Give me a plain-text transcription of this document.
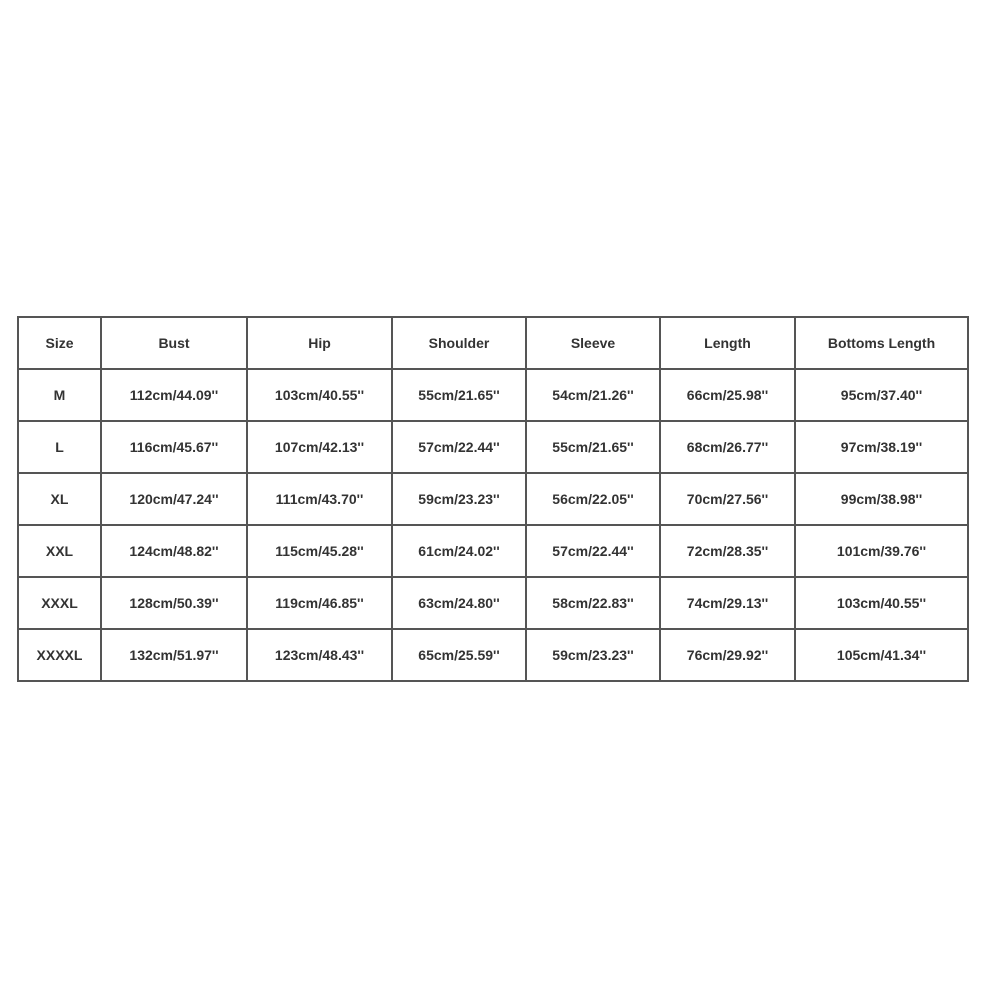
Size	Bust	Hip	Shoulder	Sleeve	Length	Bottoms Length
M	112cm/44.09''	103cm/40.55''	55cm/21.65''	54cm/21.26''	66cm/25.98''	95cm/37.40''
L	116cm/45.67''	107cm/42.13''	57cm/22.44''	55cm/21.65''	68cm/26.77''	97cm/38.19''
XL	120cm/47.24''	111cm/43.70''	59cm/23.23''	56cm/22.05''	70cm/27.56''	99cm/38.98''
XXL	124cm/48.82''	115cm/45.28''	61cm/24.02''	57cm/22.44''	72cm/28.35''	101cm/39.76''
XXXL	128cm/50.39''	119cm/46.85''	63cm/24.80''	58cm/22.83''	74cm/29.13''	103cm/40.55''
XXXXL	132cm/51.97''	123cm/48.43''	65cm/25.59''	59cm/23.23''	76cm/29.92''	105cm/41.34''
